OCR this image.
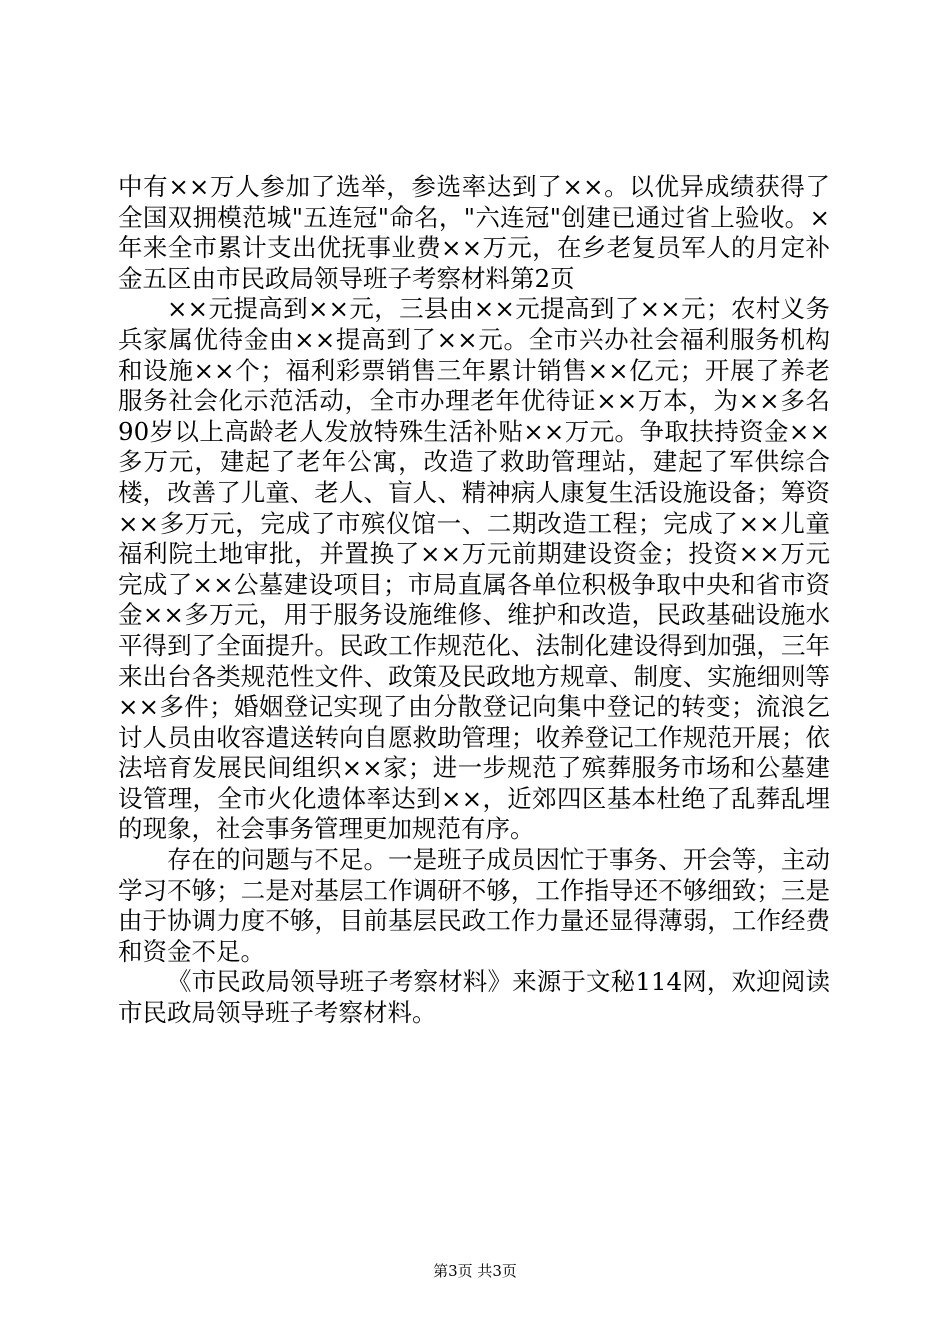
中有××万人参加了选举，参选率达到了××。以优异成绩获得了全国双拥模范城"五连冠"命名，"六连冠"创建已通过省上验收。×年来全市累计支出优抚事业费××万元，在乡老复员军人的月定补金五区由市民政局领导班子考察材料第2页

××元提高到××元，三县由××元提高到了××元；农村义务兵家属优待金由××提高到了××元。全市兴办社会福利服务机构和设施××个；福利彩票销售三年累计销售××亿元；开展了养老服务社会化示范活动，全市办理老年优待证××万本，为××多名90岁以上高龄老人发放特殊生活补贴××万元。争取扶持资金××多万元，建起了老年公寓，改造了救助管理站，建起了军供综合楼，改善了儿童、老人、盲人、精神病人康复生活设施设备；筹资××多万元，完成了市殡仪馆一、二期改造工程；完成了××儿童福利院土地审批，并置换了××万元前期建设资金；投资××万元完成了××公墓建设项目；市局直属各单位积极争取中央和省市资金××多万元，用于服务设施维修、维护和改造，民政基础设施水平得到了全面提升。民政工作规范化、法制化建设得到加强，三年来出台各类规范性文件、政策及民政地方规章、制度、实施细则等××多件；婚姻登记实现了由分散登记向集中登记的转变；流浪乞讨人员由收容遣送转向自愿救助管理；收养登记工作规范开展；依法培育发展民间组织××家；进一步规范了殡葬服务市场和公墓建设管理，全市火化遗体率达到××，近郊四区基本杜绝了乱葬乱埋的现象，社会事务管理更加规范有序。

存在的问题与不足。一是班子成员因忙于事务、开会等，主动学习不够；二是对基层工作调研不够，工作指导还不够细致；三是由于协调力度不够，目前基层民政工作力量还显得薄弱，工作经费和资金不足。

《市民政局领导班子考察材料》来源于文秘114网，欢迎阅读市民政局领导班子考察材料。

第3页 共3页
